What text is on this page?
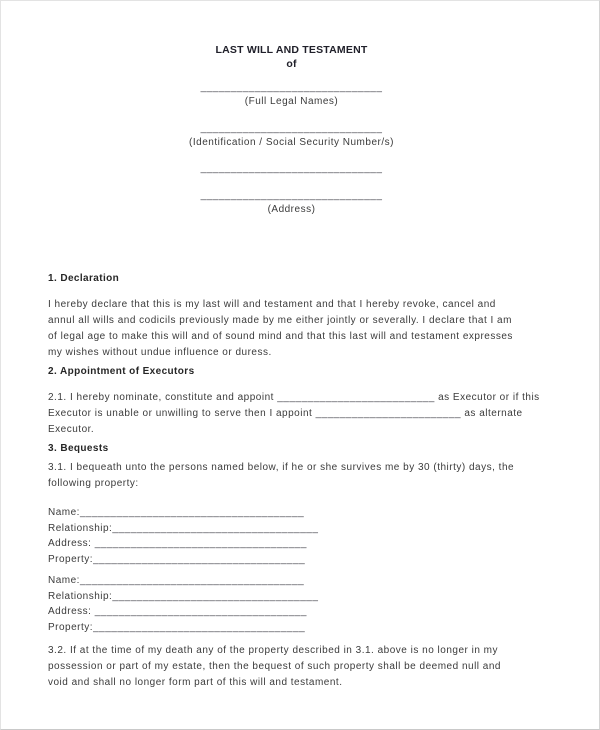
LAST WILL AND TESTAMENT
of
______________________________
(Full Legal Names)
______________________________
(Identification / Social Security Number/s)
______________________________
______________________________
(Address)
1. Declaration

I hereby declare that this is my last will and testament and that I hereby revoke, cancel and
annul all wills and codicils previously made by me either jointly or severally. I declare that I am
of legal age to make this will and of sound mind and that this last will and testament expresses
my wishes without undue influence or duress.

2. Appointment of Executors

2.1. I hereby nominate, constitute and appoint __________________________ as Executor or if this
Executor is unable or unwilling to serve then I appoint ________________________ as alternate
Executor.

3. Bequests

3.1. I bequeath unto the persons named below, if he or she survives me by 30 (thirty) days, the
following property:

Name:_____________________________________
Relationship:__________________________________
Address: ___________________________________
Property:___________________________________
Name:_____________________________________
Relationship:__________________________________
Address: ___________________________________
Property:___________________________________

3.2. If at the time of my death any of the property described in 3.1. above is no longer in my
possession or part of my estate, then the bequest of such property shall be deemed null and
void and shall no longer form part of this will and testament.
